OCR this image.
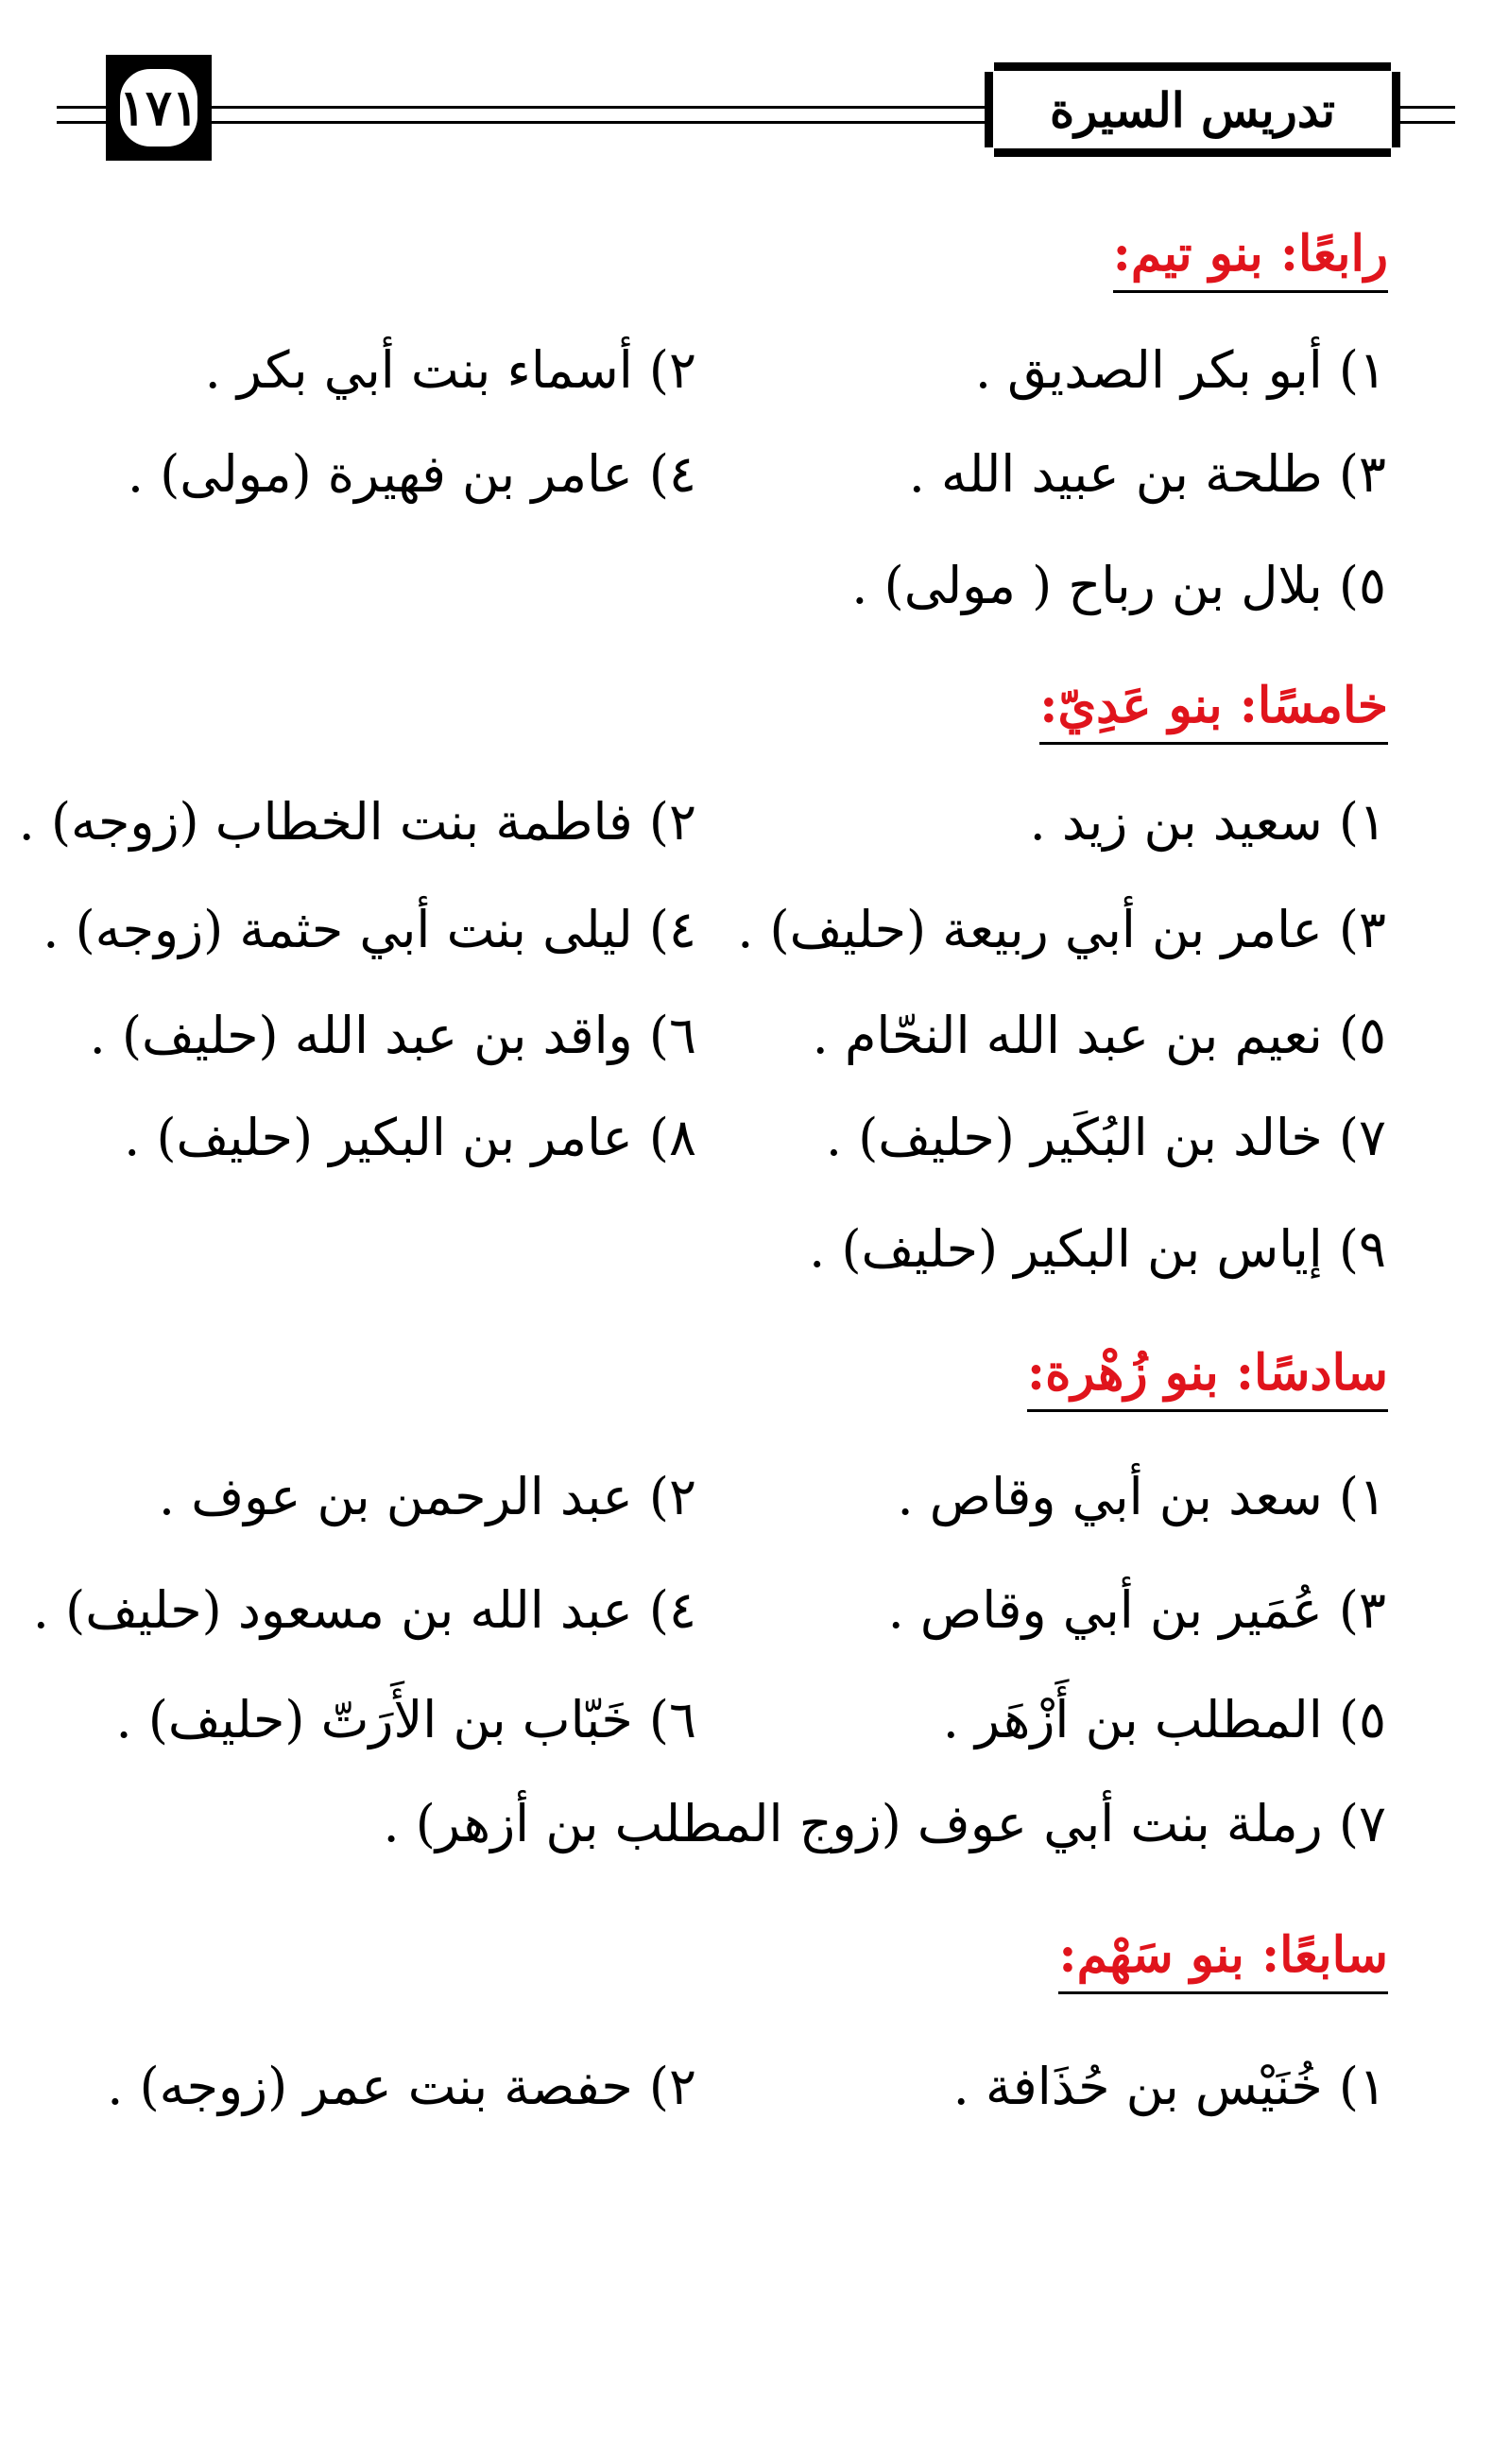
١٧١	تدريس السيرة
رابعًا: بنو تيم:
١) أبو بكر الصديق .
٢) أسماء بنت أبي بكر .
٣) طلحة بن عبيد الله .
٤) عامر بن فهيرة (مولى) .
٥) بلال بن رباح ( مولى) .
خامسًا: بنو عَدِيّ:
١) سعيد بن زيد .
٢) فاطمة بنت الخطاب (زوجه) .
٣) عامر بن أبي ربيعة (حليف) .
٤) ليلى بنت أبي حثمة (زوجه) .
٥) نعيم بن عبد الله النحّام .
٦) واقد بن عبد الله (حليف) .
٧) خالد بن البُكَير (حليف) .
٨) عامر بن البكير (حليف) .
٩) إياس بن البكير (حليف) .
سادسًا: بنو زُهْرة:
١) سعد بن أبي وقاص .
٢) عبد الرحمن بن عوف .
٣) عُمَير بن أبي وقاص .
٤) عبد الله بن مسعود (حليف) .
٥) المطلب بن أَزْهَر .
٦) خَبّاب بن الأَرَتّ (حليف) .
٧) رملة بنت أبي عوف (زوج المطلب بن أزهر) .
سابعًا: بنو سَهْم:
١) خُنَيْس بن حُذَافة .
٢) حفصة بنت عمر (زوجه) .
